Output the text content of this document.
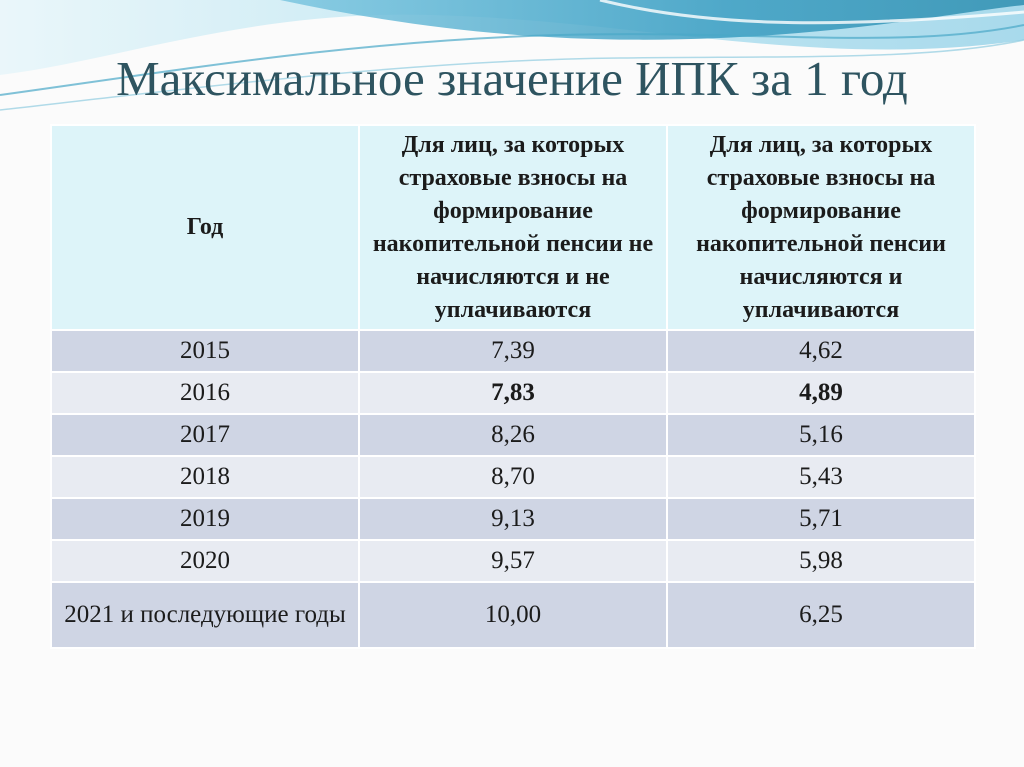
Максимальное значение ИПК за 1 год
Год	Для лиц, за которых страховые взносы на формирование накопительной пенсии не начисляются и не уплачиваются	Для лиц, за которых страховые взносы на формирование накопительной пенсии начисляются и уплачиваются
2015	7,39	4,62
2016	7,83	4,89
2017	8,26	5,16
2018	8,70	5,43
2019	9,13	5,71
2020	9,57	5,98
2021 и последующие годы	10,00	6,25
